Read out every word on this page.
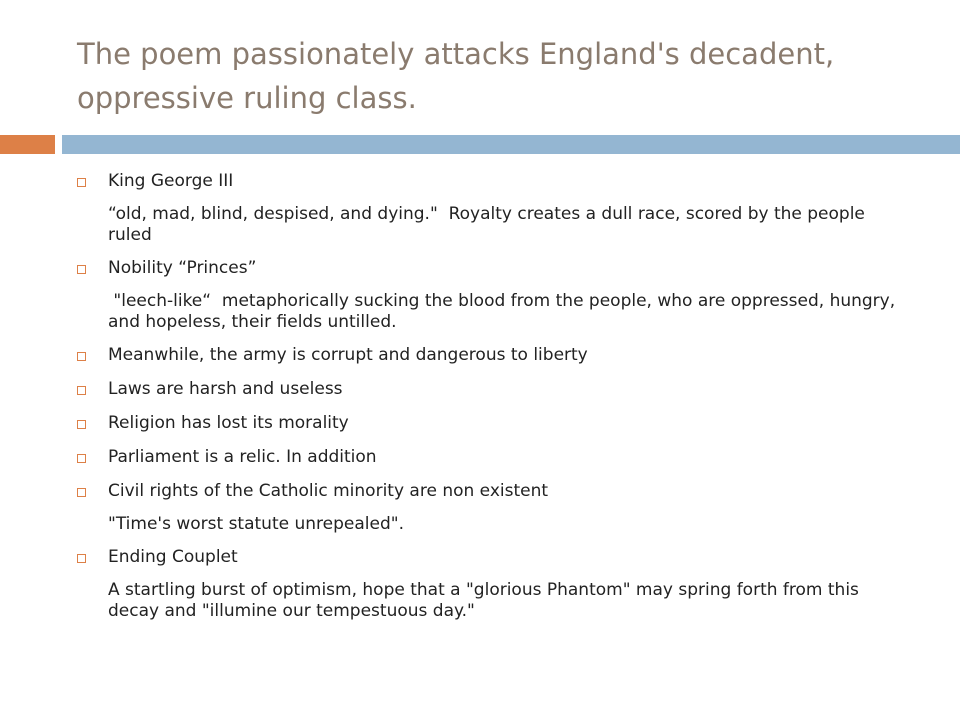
The poem passionately attacks England's decadent, oppressive ruling class.
King George III
“old, mad, blind, despised, and dying."  Royalty creates a dull race, scored by the people ruled
Nobility “Princes”
"leech-like“  metaphorically sucking the blood from the people, who are oppressed, hungry, and hopeless, their fields untilled.
Meanwhile, the army is corrupt and dangerous to liberty
Laws are harsh and useless
Religion has lost its morality
Parliament is a relic. In addition
Civil rights of the Catholic minority are non existent
"Time's worst statute unrepealed".
Ending Couplet
A startling burst of optimism, hope that a "glorious Phantom" may spring forth from this decay and "illumine our tempestuous day."
